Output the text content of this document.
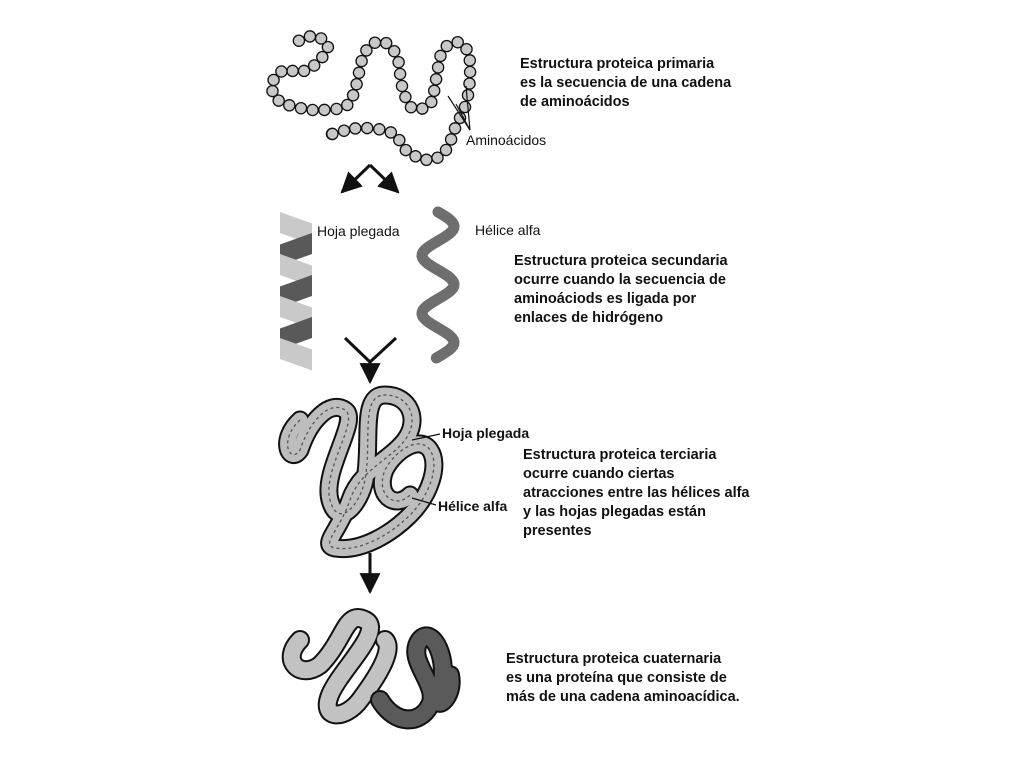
Aminoácidos
Hoja plegada	Hélice alfa
Hoja plegada
Hélice alfa
Estructura proteica primaria
es la secuencia de una cadena
de aminoácidos
Estructura proteica secundaria
ocurre cuando la secuencia de
aminoáciods es ligada por
enlaces de hidrógeno
Estructura proteica terciaria
ocurre cuando ciertas
atracciones entre las hélices alfa
y las hojas plegadas están
presentes
Estructura proteica cuaternaria
es una proteína que consiste de
más de una cadena aminoacídica.
